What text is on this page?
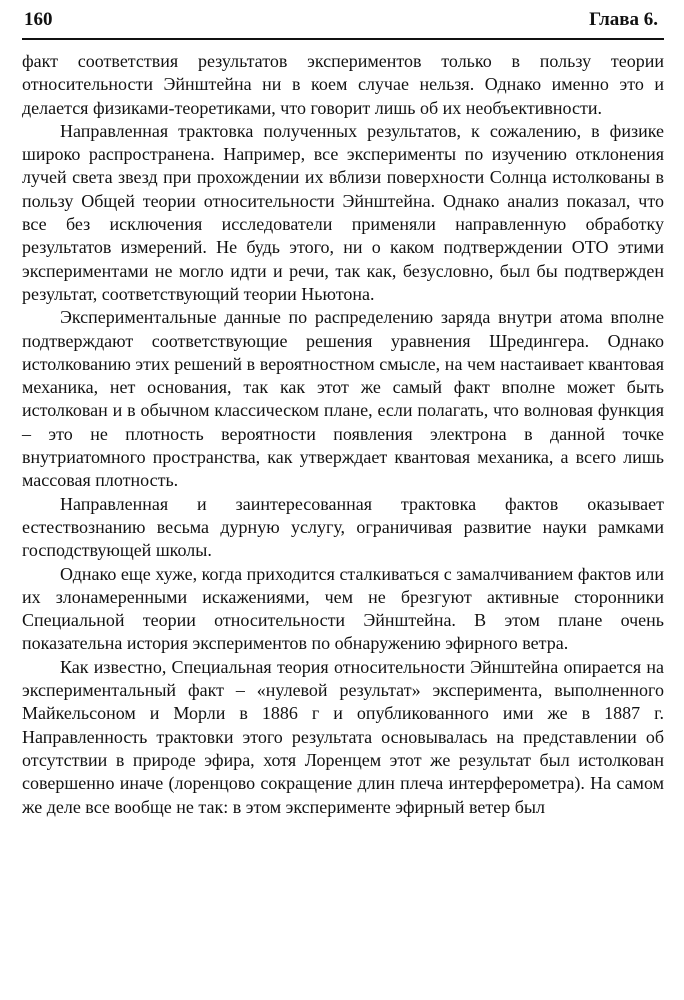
160	Глава 6.

факт соответствия результатов экспериментов только в пользу теории относительности Эйнштейна ни в коем случае нельзя. Однако именно это и делается физиками-теоретиками, что говорит лишь об их необъективности.

Направленная трактовка полученных результатов, к сожалению, в физике широко распространена. Например, все эксперименты по изучению отклонения лучей света звезд при прохождении их вблизи поверхности Солнца истолкованы в пользу Общей теории относительности Эйнштейна. Однако анализ показал, что все без исключения исследователи применяли направленную обработку результатов измерений. Не будь этого, ни о каком подтверждении ОТО этими экспериментами не могло идти и речи, так как, безусловно, был бы подтвержден результат, соответствующий теории Ньютона.

Экспериментальные данные по распределению заряда внутри атома вполне подтверждают соответствующие решения уравнения Шредингера. Однако истолкованию этих решений в вероятностном смысле, на чем настаивает квантовая механика, нет основания, так как этот же самый факт вполне может быть истолкован и в обычном классическом плане, если полагать, что волновая функция – это не плотность вероятности появления электрона в данной точке внутриатомного пространства, как утверждает квантовая механика, а всего лишь массовая плотность.

Направленная и заинтересованная трактовка фактов оказывает естествознанию весьма дурную услугу, ограничивая развитие науки рамками господствующей школы.

Однако еще хуже, когда приходится сталкиваться с замалчиванием фактов или их злонамеренными искажениями, чем не брезгуют активные сторонники Специальной теории относительности Эйнштейна. В этом плане очень показательна история экспериментов по обнаружению эфирного ветра.

Как известно, Специальная теория относительности Эйнштейна опирается на экспериментальный факт – «нулевой результат» эксперимента, выполненного Майкельсоном и Морли в 1886 г и опубликованного ими же в 1887 г. Направленность трактовки этого результата основывалась на представлении об отсутствии в природе эфира, хотя Лоренцем этот же результат был истолкован совершенно иначе (лоренцово сокращение длин плеча интерферометра). На самом же деле все вообще не так: в этом эксперименте эфирный ветер был
